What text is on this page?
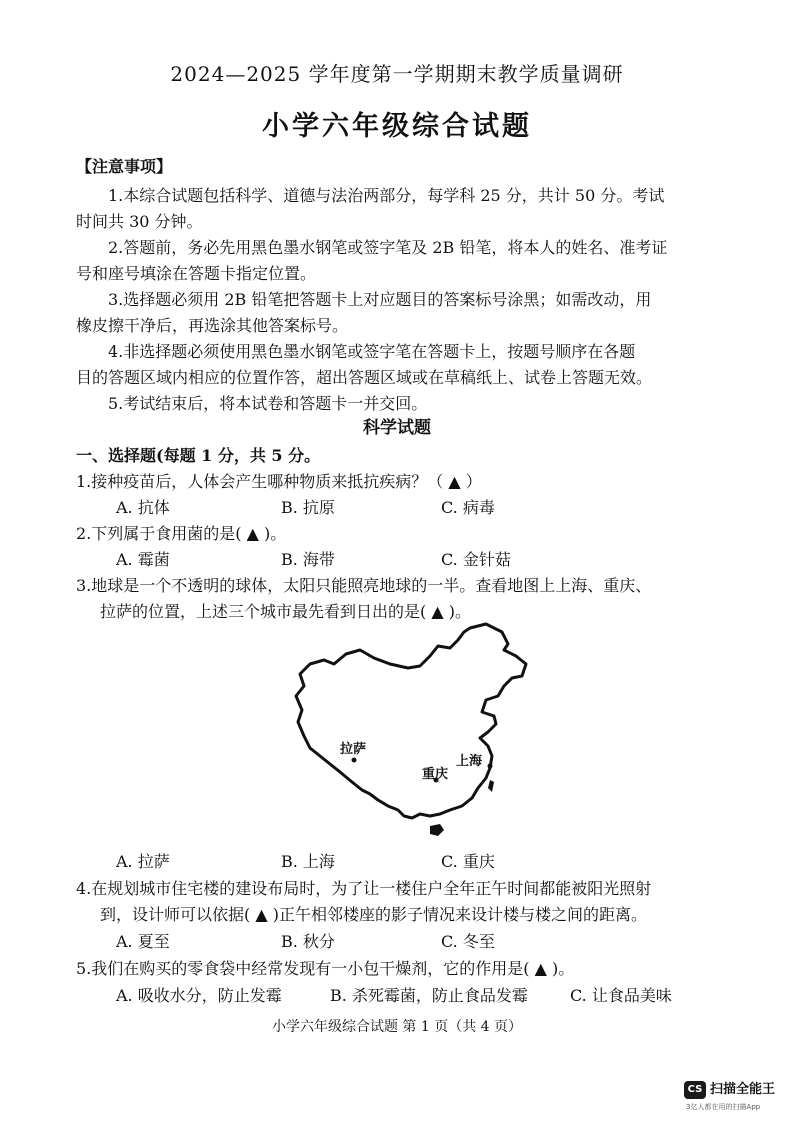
2024—2025 学年度第一学期期末教学质量调研
小学六年级综合试题
【注意事项】
1.本综合试题包括科学、道德与法治两部分，每学科 25 分，共计 50 分。考试
时间共 30 分钟。
2.答题前，务必先用黑色墨水钢笔或签字笔及 2B 铅笔，将本人的姓名、准考证
号和座号填涂在答题卡指定位置。
3.选择题必须用 2B 铅笔把答题卡上对应题目的答案标号涂黑；如需改动，用
橡皮擦干净后，再选涂其他答案标号。
4.非选择题必须使用黑色墨水钢笔或签字笔在答题卡上，按题号顺序在各题
目的答题区域内相应的位置作答，超出答题区域或在草稿纸上、试卷上答题无效。
5.考试结束后，将本试卷和答题卡一并交回。
科学试题
一、选择题(每题 1 分，共 5 分。
1.接种疫苗后，人体会产生哪种物质来抵抗疾病？（ ▲ ）
A. 抗体	B. 抗原	C. 病毒
2.下列属于食用菌的是( ▲ )。
A. 霉菌	B. 海带	C. 金针菇
3.地球是一个不透明的球体，太阳只能照亮地球的一半。查看地图上上海、重庆、
拉萨的位置，上述三个城市最先看到日出的是( ▲ )。
拉萨
重庆
上海
A. 拉萨	B. 上海	C. 重庆
4.在规划城市住宅楼的建设布局时，为了让一楼住户全年正午时间都能被阳光照射
到，设计师可以依据( ▲ )正午相邻楼座的影子情况来设计楼与楼之间的距离。
A. 夏至	B. 秋分	C. 冬至
5.我们在购买的零食袋中经常发现有一小包干燥剂，它的作用是( ▲ )。
A. 吸收水分，防止发霉	B. 杀死霉菌，防止食品发霉	C. 让食品美味
小学六年级综合试题 第 1 页（共 4 页）
CS 扫描全能王
3亿人都在用的扫描App
